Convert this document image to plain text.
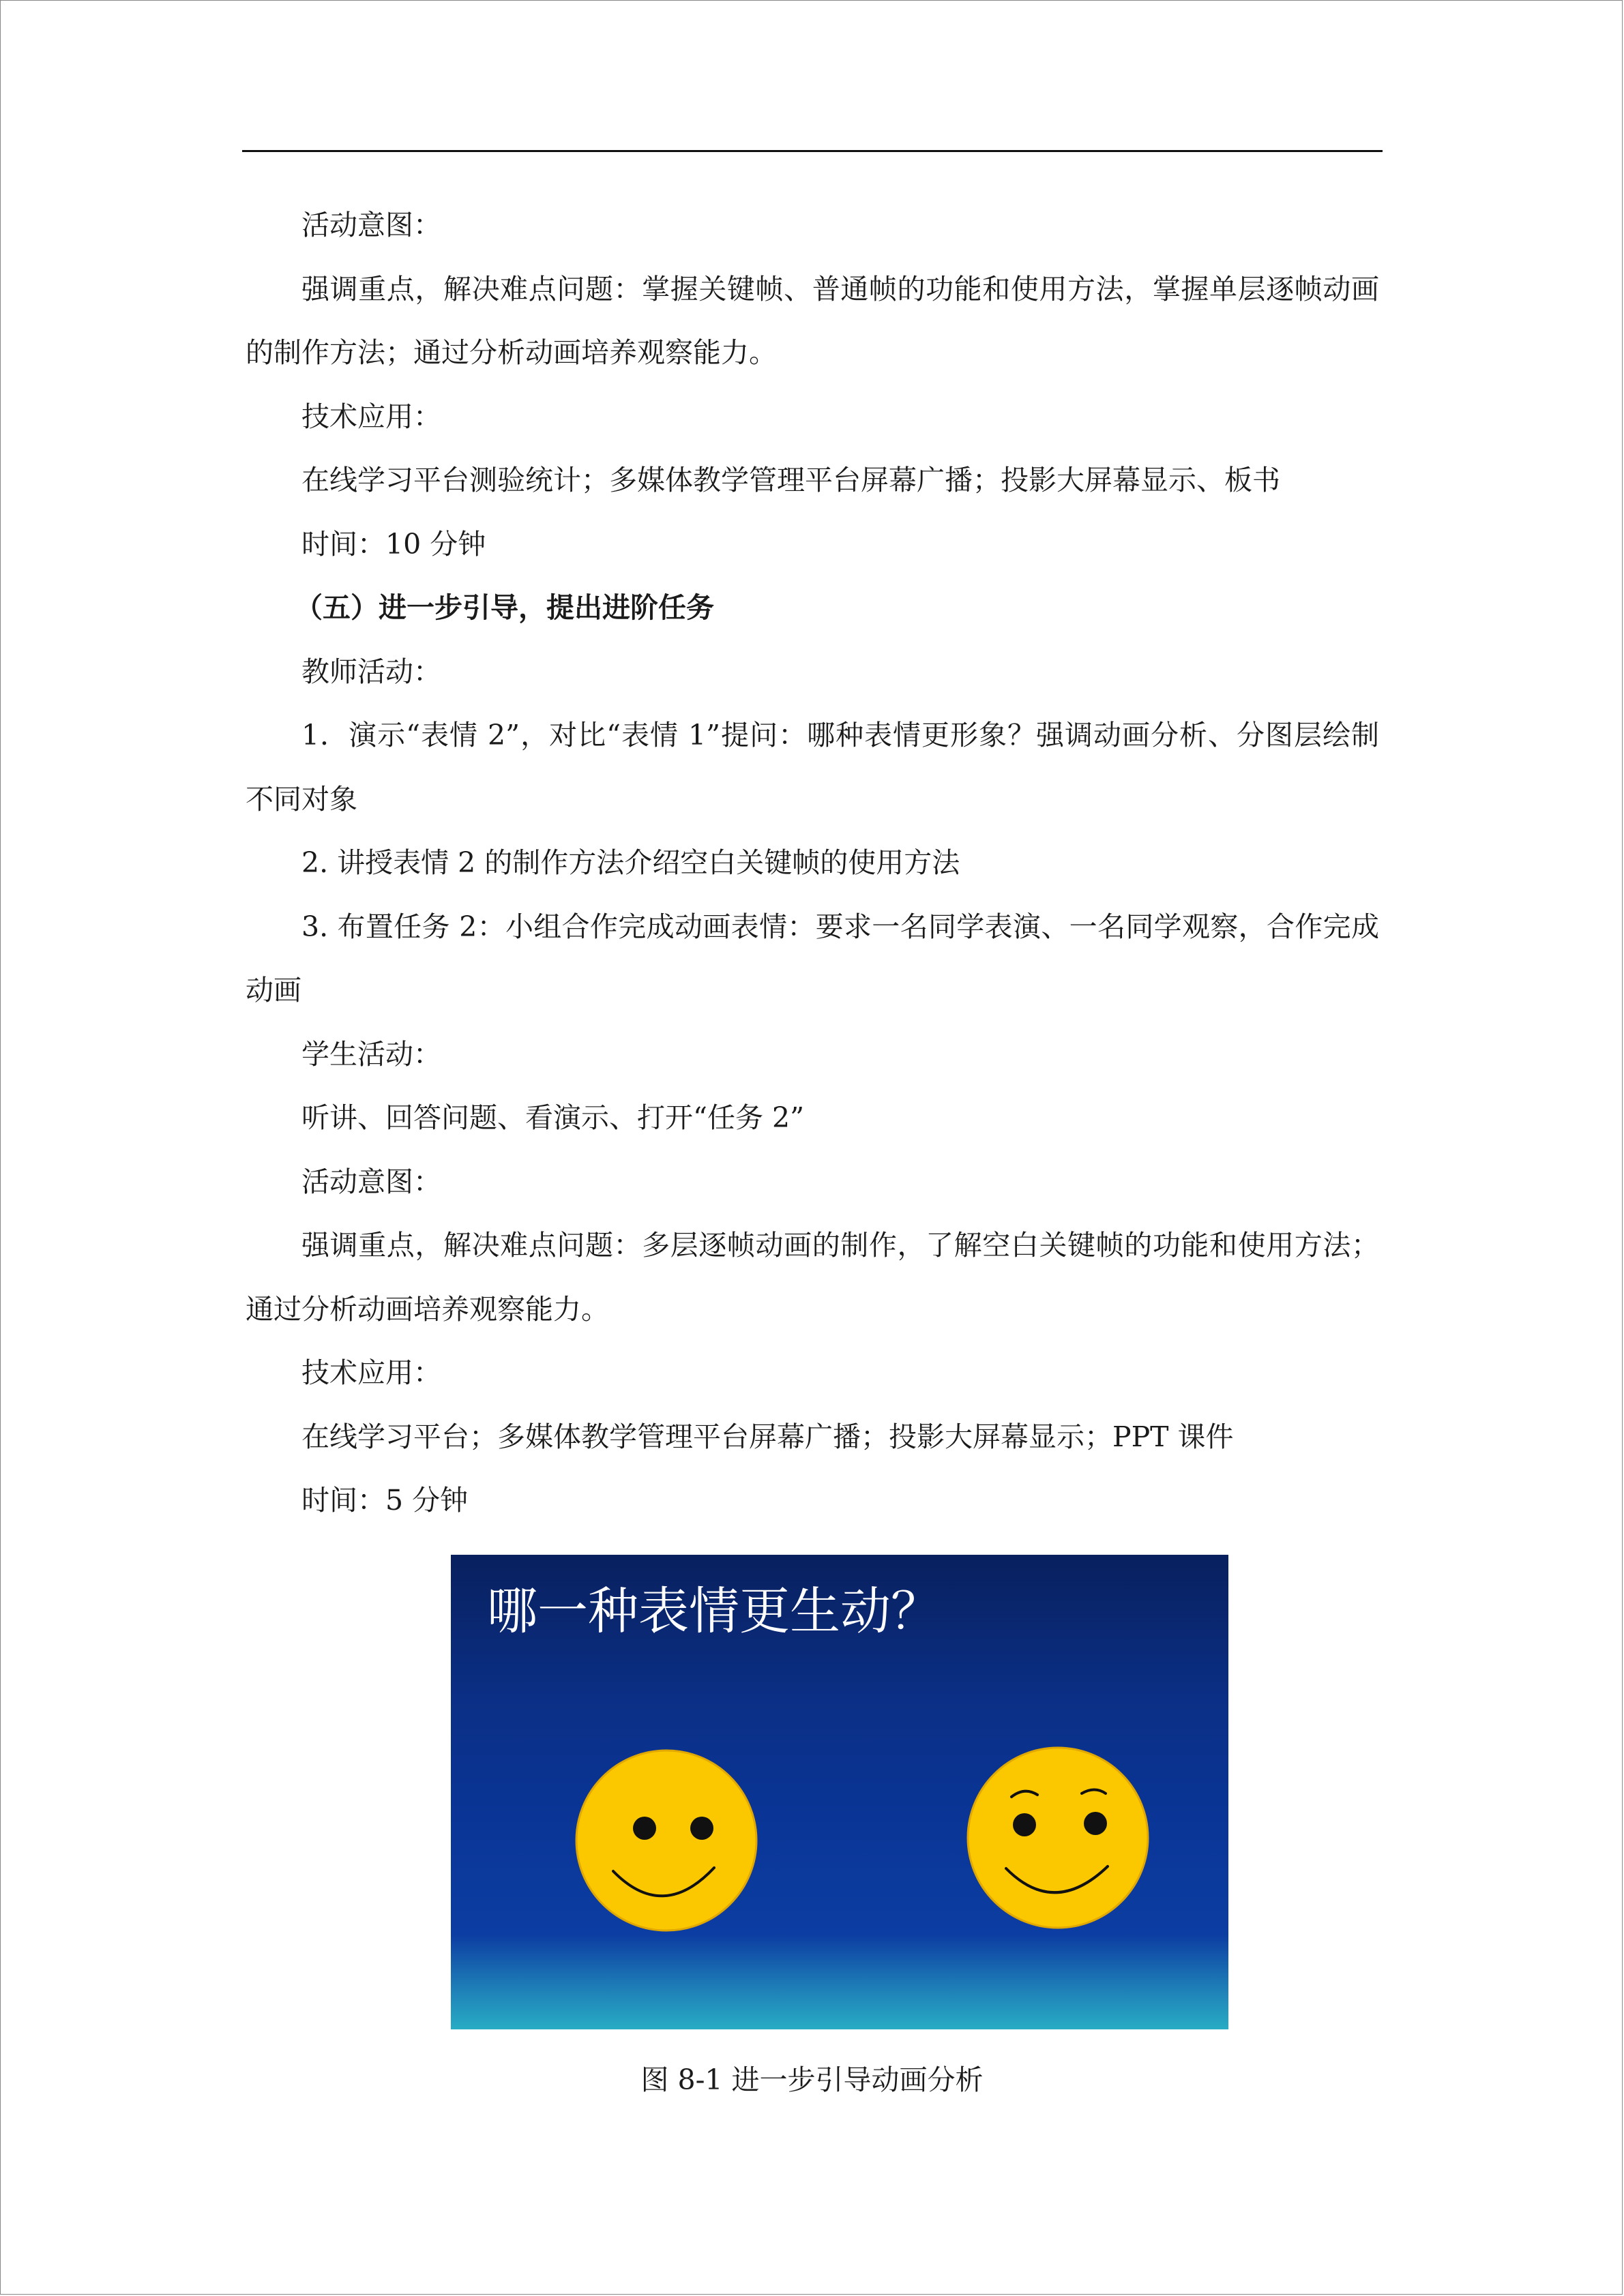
活动意图：

强调重点，解决难点问题：掌握关键帧、普通帧的功能和使用方法，掌握单层逐帧动画的制作方法；通过分析动画培养观察能力。

技术应用：

在线学习平台测验统计；多媒体教学管理平台屏幕广播；投影大屏幕显示、板书

时间：10 分钟

（五）进一步引导，提出进阶任务

教师活动：

1．演示“表情 2”，对比“表情 1”提问：哪种表情更形象？强调动画分析、分图层绘制不同对象

2. 讲授表情 2 的制作方法介绍空白关键帧的使用方法

3. 布置任务 2：小组合作完成动画表情：要求一名同学表演、一名同学观察，合作完成动画

学生活动：

听讲、回答问题、看演示、打开“任务 2”

活动意图：

强调重点，解决难点问题：多层逐帧动画的制作，了解空白关键帧的功能和使用方法；通过分析动画培养观察能力。

技术应用：

在线学习平台；多媒体教学管理平台屏幕广播；投影大屏幕显示；PPT 课件

时间：5 分钟

哪一种表情更生动？
图 8-1 进一步引导动画分析
